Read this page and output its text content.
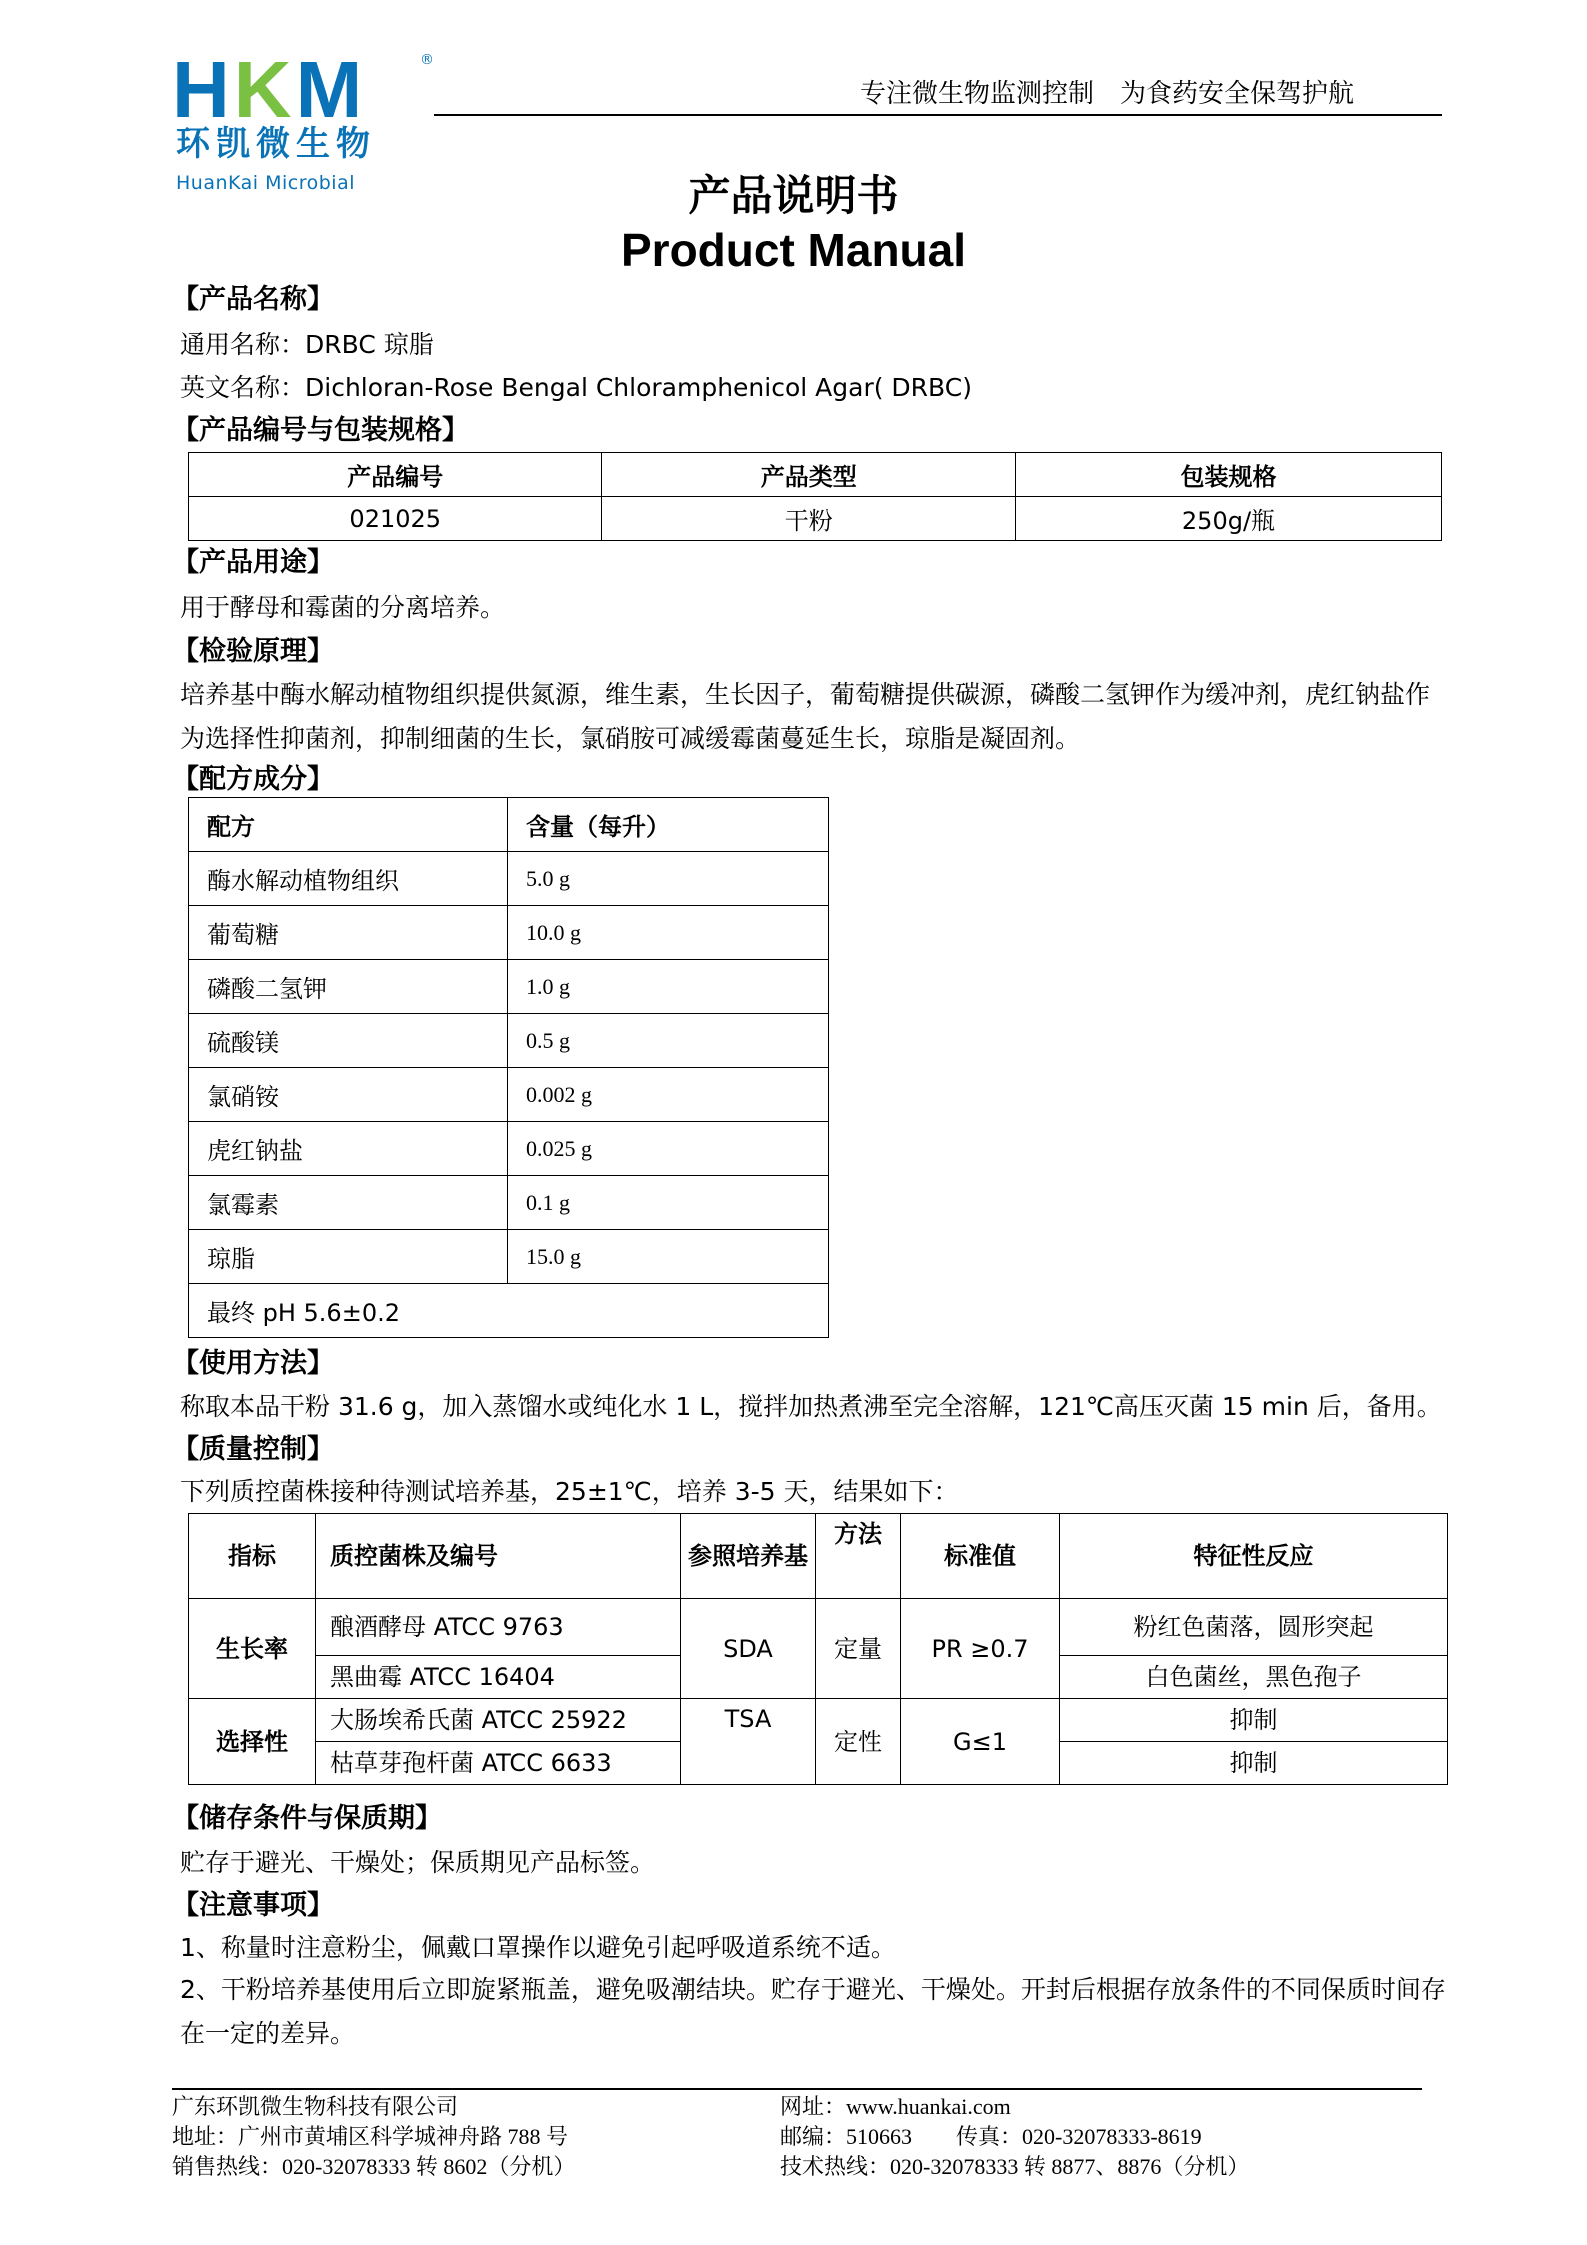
HKM	®
环凯微生物
HuanKai Microbial
专注微生物监测控制　为食药安全保驾护航
产品说明书
Product Manual
【产品名称】
通用名称：DRBC 琼脂
英文名称：Dichloran-Rose Bengal Chloramphenicol Agar( DRBC)
【产品编号与包装规格】
产品编号	产品类型	包装规格
021025	干粉	250g/瓶
【产品用途】
用于酵母和霉菌的分离培养。
【检验原理】
培养基中酶水解动植物组织提供氮源，维生素，生长因子，葡萄糖提供碳源，磷酸二氢钾作为缓冲剂，虎红钠盐作为选择性抑菌剂，抑制细菌的生长，氯硝胺可减缓霉菌蔓延生长，琼脂是凝固剂。
【配方成分】
配方	含量（每升）
酶水解动植物组织	5.0 g
葡萄糖	10.0 g
磷酸二氢钾	1.0 g
硫酸镁	0.5 g
氯硝铵	0.002 g
虎红钠盐	0.025 g
氯霉素	0.1 g
琼脂	15.0 g
最终 pH 5.6±0.2	
【使用方法】
称取本品干粉 31.6 g，加入蒸馏水或纯化水 1 L，搅拌加热煮沸至完全溶解，121℃高压灭菌 15 min 后，备用。
【质量控制】
下列质控菌株接种待测试培养基，25±1℃，培养 3-5 天，结果如下：
指标	质控菌株及编号	参照培养基	方法	标准值	特征性反应
生长率	酿酒酵母 ATCC 9763	SDA	定量	PR ≥0.7	粉红色菌落，圆形突起
	黑曲霉 ATCC 16404				白色菌丝，黑色孢子
选择性	大肠埃希氏菌 ATCC 25922	TSA	定性	G≤1	抑制
	枯草芽孢杆菌 ATCC 6633				抑制
【储存条件与保质期】
贮存于避光、干燥处；保质期见产品标签。
【注意事项】
1、称量时注意粉尘，佩戴口罩操作以避免引起呼吸道系统不适。
2、干粉培养基使用后立即旋紧瓶盖，避免吸潮结块。贮存于避光、干燥处。开封后根据存放条件的不同保质时间存在一定的差异。
广东环凯微生物科技有限公司
地址：广州市黄埔区科学城神舟路 788 号
销售热线：020-32078333 转 8602（分机）
网址：www.huankai.com
邮编：510663　　传真：020-32078333-8619
技术热线：020-32078333 转 8877、8876（分机）
